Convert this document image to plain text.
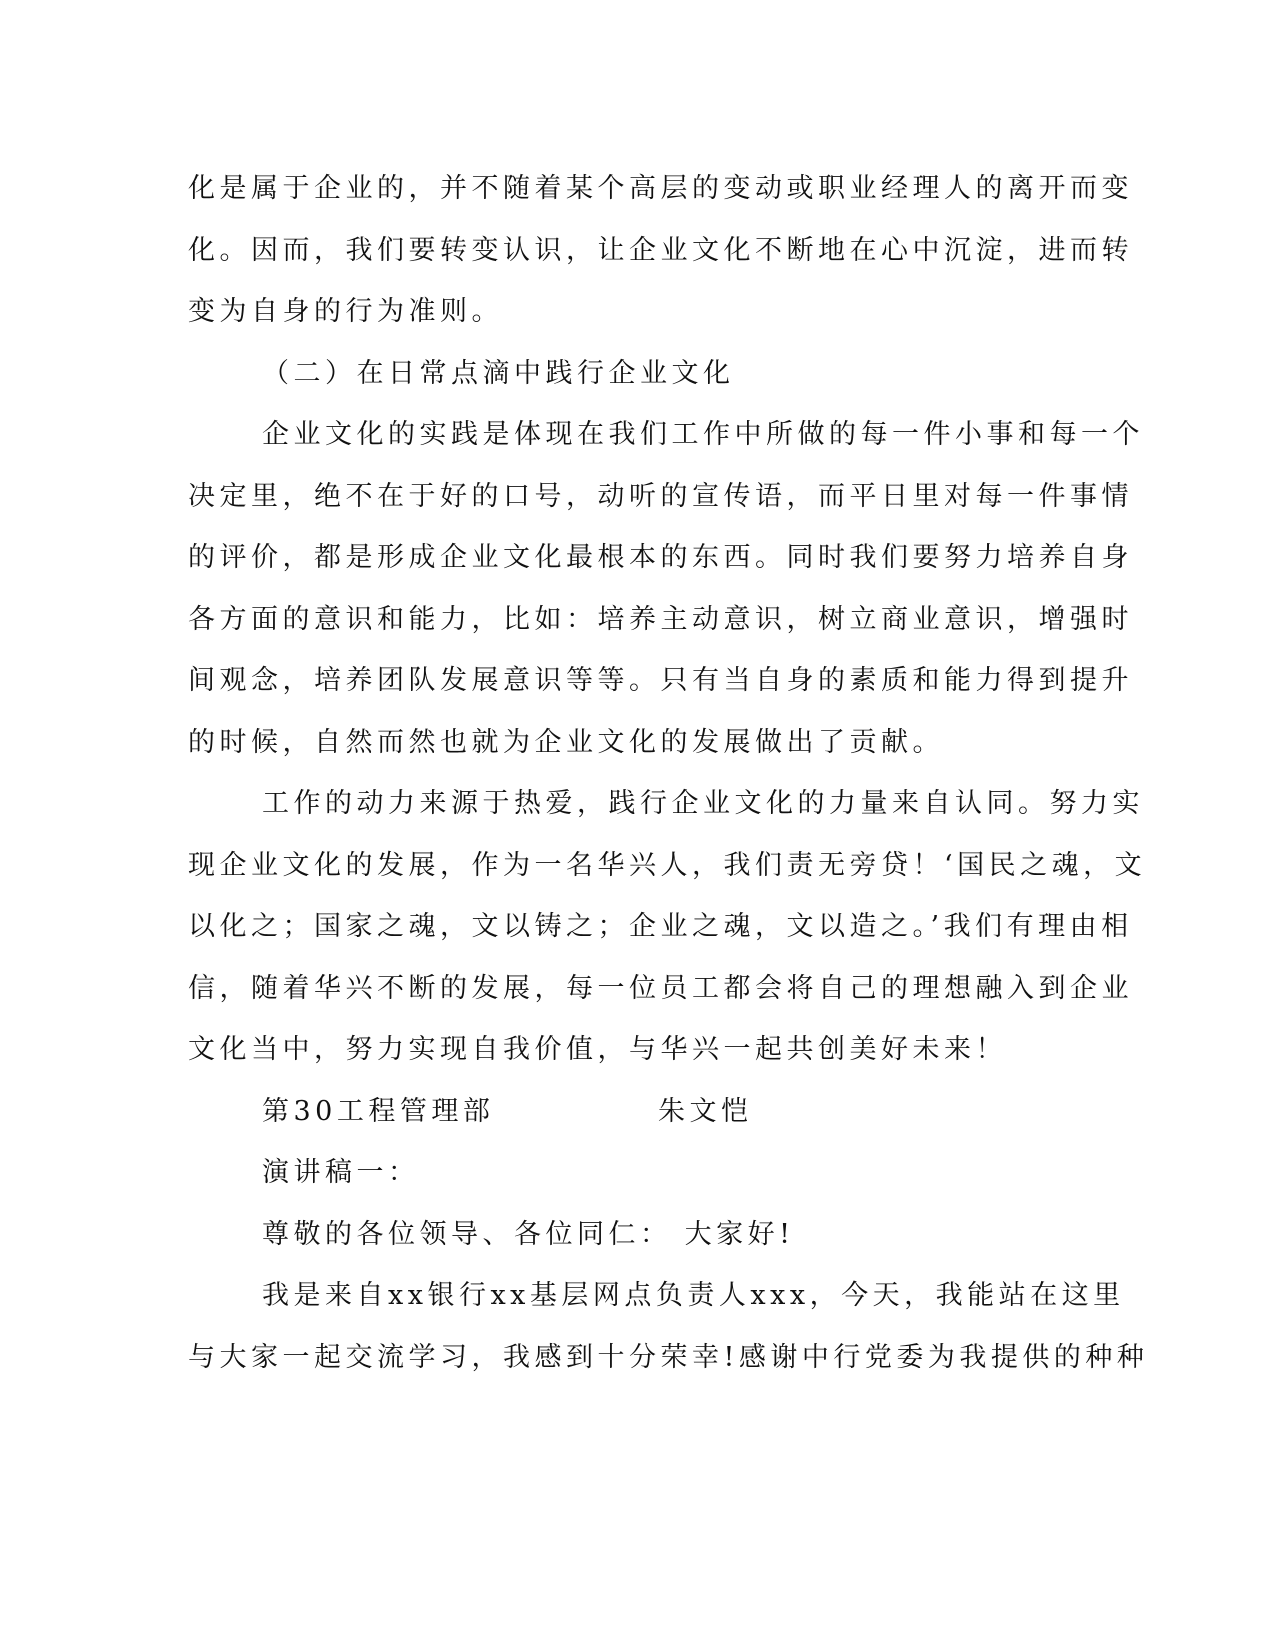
化是属于企业的，并不随着某个高层的变动或职业经理人的离开而变
化。因而，我们要转变认识，让企业文化不断地在心中沉淀，进而转
变为自身的行为准则。
（二）在日常点滴中践行企业文化
企业文化的实践是体现在我们工作中所做的每一件小事和每一个
决定里，绝不在于好的口号，动听的宣传语，而平日里对每一件事情
的评价，都是形成企业文化最根本的东西。同时我们要努力培养自身
各方面的意识和能力，比如：培养主动意识，树立商业意识，增强时
间观念，培养团队发展意识等等。只有当自身的素质和能力得到提升
的时候，自然而然也就为企业文化的发展做出了贡献。
工作的动力来源于热爱，践行企业文化的力量来自认同。努力实
现企业文化的发展，作为一名华兴人，我们责无旁贷！‘国民之魂，文
以化之；国家之魂，文以铸之；企业之魂，文以造之。’我们有理由相
信，随着华兴不断的发展，每一位员工都会将自己的理想融入到企业
文化当中，努力实现自我价值，与华兴一起共创美好未来！
第30工程管理部	朱文恺
演讲稿一：
尊敬的各位领导、各位同仁： 大家好!
我是来自xx银行xx基层网点负责人xxx，今天，我能站在这里
与大家一起交流学习，我感到十分荣幸!感谢中行党委为我提供的种种
